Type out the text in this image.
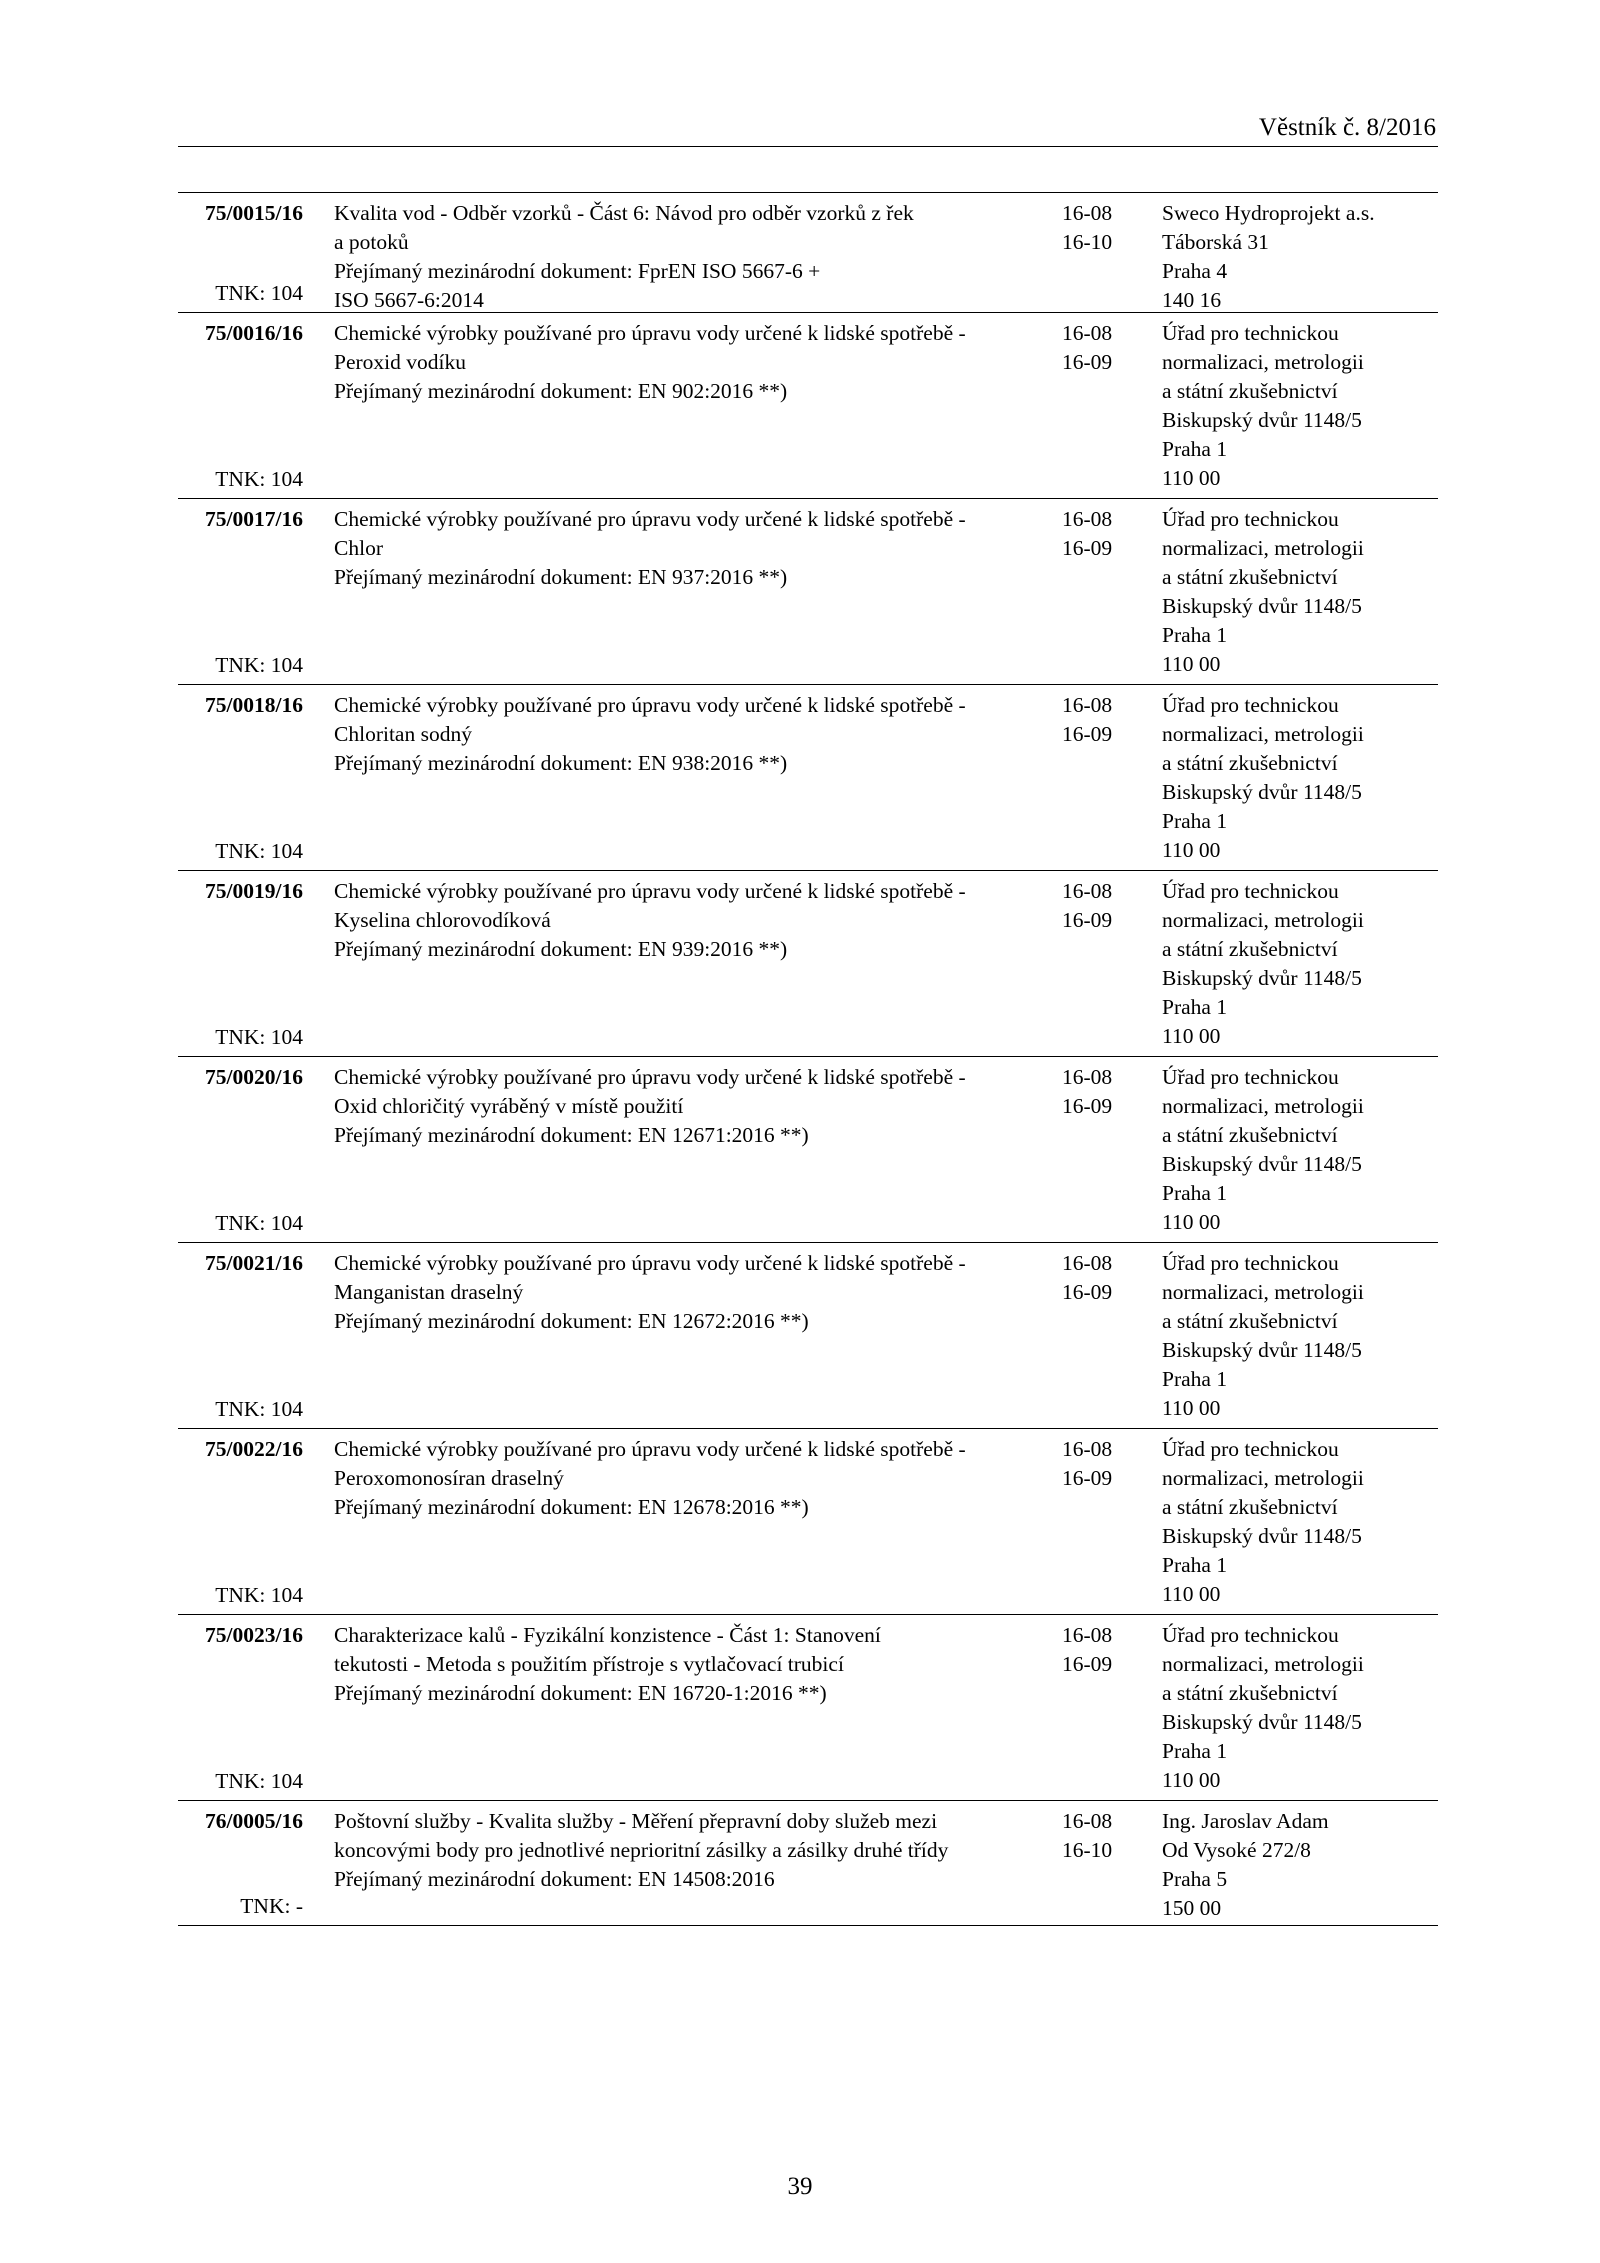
Věstník č. 8/2016
75/0015/16
TNK: 104
Kvalita vod - Odběr vzorků - Část 6: Návod pro odběr vzorků z řek
a potoků
Přejímaný mezinárodní dokument: FprEN ISO 5667-6 +
ISO 5667-6:2014
16-08
16-10
Sweco Hydroprojekt a.s.
Táborská 31
Praha 4
140 16
75/0016/16
TNK: 104
Chemické výrobky používané pro úpravu vody určené k lidské spotřebě -
Peroxid vodíku
Přejímaný mezinárodní dokument: EN 902:2016 **)
16-08
16-09
Úřad pro technickou
normalizaci, metrologii
a státní zkušebnictví
Biskupský dvůr 1148/5
Praha 1
110 00
75/0017/16
TNK: 104
Chemické výrobky používané pro úpravu vody určené k lidské spotřebě -
Chlor
Přejímaný mezinárodní dokument: EN 937:2016 **)
16-08
16-09
Úřad pro technickou
normalizaci, metrologii
a státní zkušebnictví
Biskupský dvůr 1148/5
Praha 1
110 00
75/0018/16
TNK: 104
Chemické výrobky používané pro úpravu vody určené k lidské spotřebě -
Chloritan sodný
Přejímaný mezinárodní dokument: EN 938:2016 **)
16-08
16-09
Úřad pro technickou
normalizaci, metrologii
a státní zkušebnictví
Biskupský dvůr 1148/5
Praha 1
110 00
75/0019/16
TNK: 104
Chemické výrobky používané pro úpravu vody určené k lidské spotřebě -
Kyselina chlorovodíková
Přejímaný mezinárodní dokument: EN 939:2016 **)
16-08
16-09
Úřad pro technickou
normalizaci, metrologii
a státní zkušebnictví
Biskupský dvůr 1148/5
Praha 1
110 00
75/0020/16
TNK: 104
Chemické výrobky používané pro úpravu vody určené k lidské spotřebě -
Oxid chloričitý vyráběný v místě použití
Přejímaný mezinárodní dokument: EN 12671:2016 **)
16-08
16-09
Úřad pro technickou
normalizaci, metrologii
a státní zkušebnictví
Biskupský dvůr 1148/5
Praha 1
110 00
75/0021/16
TNK: 104
Chemické výrobky používané pro úpravu vody určené k lidské spotřebě -
Manganistan draselný
Přejímaný mezinárodní dokument: EN 12672:2016 **)
16-08
16-09
Úřad pro technickou
normalizaci, metrologii
a státní zkušebnictví
Biskupský dvůr 1148/5
Praha 1
110 00
75/0022/16
TNK: 104
Chemické výrobky používané pro úpravu vody určené k lidské spotřebě -
Peroxomonosíran draselný
Přejímaný mezinárodní dokument: EN 12678:2016 **)
16-08
16-09
Úřad pro technickou
normalizaci, metrologii
a státní zkušebnictví
Biskupský dvůr 1148/5
Praha 1
110 00
75/0023/16
TNK: 104
Charakterizace kalů - Fyzikální konzistence - Část 1: Stanovení
tekutosti - Metoda s použitím přístroje s vytlačovací trubicí
Přejímaný mezinárodní dokument: EN 16720-1:2016 **)
16-08
16-09
Úřad pro technickou
normalizaci, metrologii
a státní zkušebnictví
Biskupský dvůr 1148/5
Praha 1
110 00
76/0005/16
TNK: -
Poštovní služby - Kvalita služby - Měření přepravní doby služeb mezi
koncovými body pro jednotlivé neprioritní zásilky a zásilky druhé třídy
Přejímaný mezinárodní dokument: EN 14508:2016
16-08
16-10
Ing. Jaroslav Adam
Od Vysoké 272/8
Praha 5
150 00
39
